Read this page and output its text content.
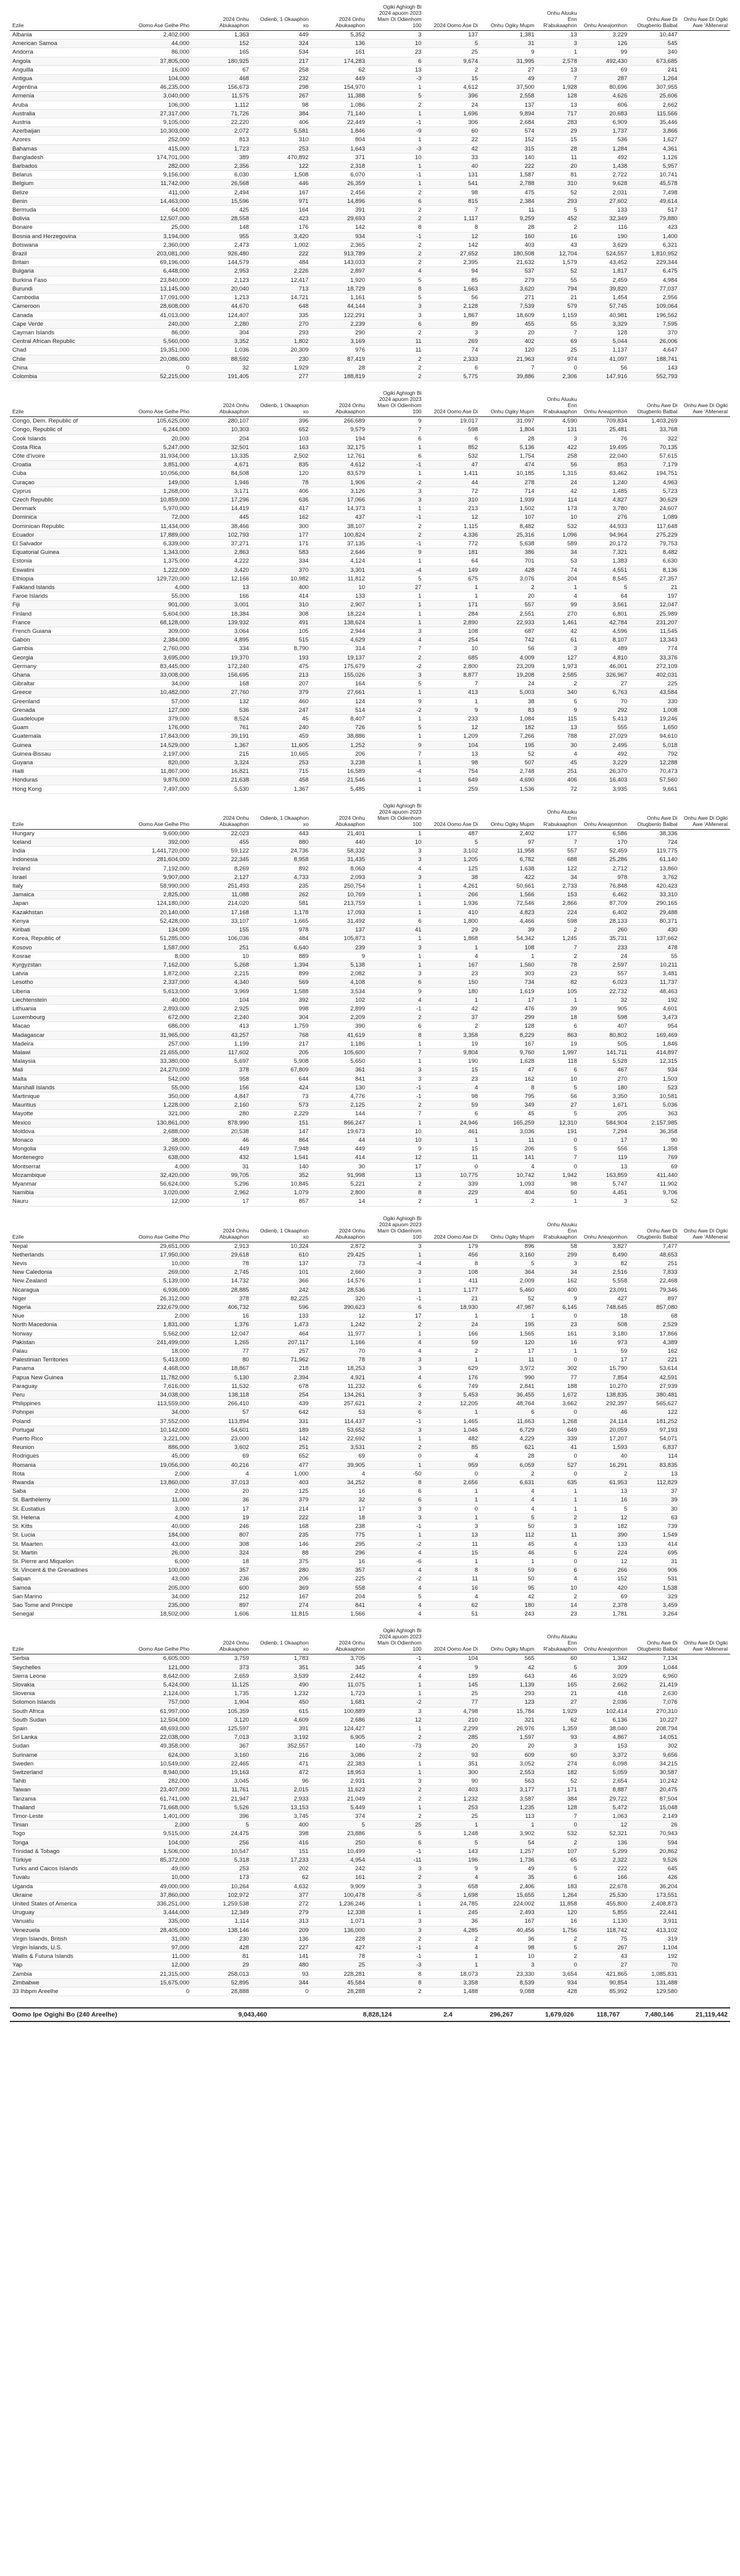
Ezile	Oomo Ase Gelhe Pho	2024 Onhu Abukaaphon	Odienb, 1 Okaaphon xo	2024 Onhu Abukaaphon	Ogiki Aghiogh Bi 2024 apuom 2023 Mam Oi Odienhom 100	2024 Oomo Ase Di	Onhu Ogiky Mupm	Onhu Aluuku Enn R'abukaaphon	Onhu Aneajomhon	Onhu Awe Di Otugbenlo Balbal	Onhu Awe Di Ogiki Awe 'AMeneral
Albania	2,402,000	1,363	449	5,352	3	137	1,381	13	3,229	10,447	
American Samoa	44,000	152	324	136	10	5	31	3	126	545	
Andorra	86,000	165	534	161	23	25	9	1	99	340	
Angola	37,805,000	180,925	217	174,283	6	9,674	31,995	2,578	492,430	673,685	
Anguilla	16,000	67	258	62	13	2	27	13	69	241	
Antigua	104,000	468	232	449	-3	15	49	7	287	1,264	
Argentina	46,235,000	156,673	298	154,970	1	4,612	37,500	1,928	80,696	307,955	
Armenia	3,040,000	11,575	267	11,388	5	396	2,558	128	4,626	25,606	
Aruba	106,000	1,112	98	1,086	2	24	137	13	606	2,662	
Australia	27,317,000	71,726	384	71,140	1	1,696	9,894	717	20,683	115,566	
Austria	9,105,000	22,220	406	22,449	-1	306	2,684	283	6,909	35,446	
Azerbaijan	10,303,000	2,072	5,581	1,846	-9	60	574	29	1,737	3,866	
Azores	252,000	813	310	804	1	22	152	15	536	1,627	
Bahamas	415,000	1,723	253	1,643	-3	42	315	28	1,284	4,361	
Bangladesh	174,701,000	389	470,892	371	10	33	140	11	492	1,126	
Barbados	282,000	2,356	122	2,318	1	40	222	20	1,438	5,957	
Belarus	9,156,000	6,030	1,508	6,070	-1	131	1,587	81	2,722	10,741	
Belgium	11,742,000	26,568	446	26,359	1	541	2,788	310	9,628	45,578	
Belize	411,000	2,494	167	2,456	2	98	475	52	2,031	7,498	
Benin	14,463,000	15,596	971	14,896	6	815	2,384	293	27,602	49,614	
Bermuda	64,000	425	164	391	2	7	11	5	133	517	
Bolivia	12,507,000	28,558	423	29,693	2	1,117	9,259	452	32,349	79,880	
Bonaire	25,000	148	176	142	8	8	28	2	116	423	
Bosnia and Herzegovina	3,194,000	955	3,420	934	-1	12	160	16	190	1,400	
Botswana	2,360,000	2,473	1,002	2,365	2	142	403	43	3,629	6,321	
Brazil	203,081,000	926,480	222	913,789	2	27,652	180,508	12,704	524,557	1,810,952	
Britain	69,196,000	144,579	484	143,033	2	2,395	21,632	1,579	43,452	229,344	
Bulgaria	6,448,000	2,953	2,226	2,897	4	94	537	52	1,817	6,475	
Burkina Faso	23,840,000	2,123	12,417	1,920	5	85	279	55	2,459	4,984	
Burundi	13,145,000	20,040	713	18,729	8	1,663	3,620	794	39,820	77,037	
Cambodia	17,091,000	1,213	14,721	1,161	5	56	271	21	1,454	2,956	
Cameroon	28,608,000	44,670	648	44,144	3	2,128	7,539	579	57,745	109,064	
Canada	41,013,000	124,407	335	122,291	3	1,867	18,609	1,159	40,981	196,562	
Cape Verde	240,000	2,280	270	2,239	6	89	455	55	3,329	7,595	
Cayman Islands	86,000	304	293	290	2	3	20	7	128	370	
Central African Republic	5,560,000	3,352	1,802	3,169	11	269	402	69	5,044	26,006	
Chad	19,351,000	1,036	20,309	976	11	74	120	25	1,137	4,647	
Chile	20,086,000	88,592	230	87,419	2	2,333	21,963	974	41,097	188,741	
China	0	32	1,929	28	2	6	7	0	56	143	
Colombia	52,215,000	191,405	277	188,819	2	5,775	39,886	2,306	147,916	552,793	
Ezile	Oomo Ase Gelhe Pho	2024 Onhu Abukaaphon	Odienb, 1 Okaaphon xo	2024 Onhu Abukaaphon	Ogiki Aghiogh Bi 2024 apuom 2023 Mam Oi Odienhom 100	2024 Oomo Ase Di	Onhu Ogiky Mupm	Onhu Aluuku Enn R'abukaaphon	Onhu Aneajomhon	Onhu Awe Di Otugbenlo Balbal	Onhu Awe Di Ogiki Awe 'AMeneral
Congo, Dem. Republic of	105,625,000	280,107	396	266,689	9	19,017	31,097	4,590	709,834	1,403,269	
Congo, Republic of	6,244,000	10,303	652	9,579	7	598	1,804	131	25,481	33,768	
Cook Islands	20,000	204	103	194	6	6	28	3	76	322	
Costa Rica	5,247,000	32,501	163	32,175	1	852	5,136	422	19,495	70,135	
Côte d'Ivoire	31,934,000	13,335	2,502	12,761	6	532	1,754	258	22,040	57,615	
Croatia	3,851,000	4,671	835	4,612	-1	47	474	56	853	7,179	
Cuba	10,056,000	84,508	120	83,579	1	1,411	10,185	1,315	83,462	194,751	
Curaçao	149,000	1,946	78	1,906	-2	44	278	24	1,240	4,963	
Cyprus	1,268,000	3,171	406	3,126	3	72	714	42	1,485	5,723	
Czech Republic	10,859,000	17,296	636	17,066	3	310	1,939	114	4,827	30,629	
Denmark	5,970,000	14,419	417	14,373	1	213	1,502	173	3,780	24,607	
Dominica	72,000	445	162	437	-1	12	107	10	276	1,089	
Dominican Republic	11,434,000	38,466	300	38,107	2	1,115	8,482	532	44,933	117,648	
Ecuador	17,889,000	102,793	177	100,824	2	4,336	25,316	1,096	94,964	275,229	
El Salvador	6,339,000	37,271	171	37,135	-1	772	5,638	589	20,172	79,753	
Equatorial Guinea	1,343,000	2,863	583	2,646	9	181	386	34	7,321	8,482	
Estonia	1,375,000	4,222	334	4,124	1	64	701	53	1,383	6,630	
Eswatini	1,222,000	3,420	370	3,301	-4	149	428	74	4,551	8,136	
Ethiopia	129,720,000	12,166	10,982	11,812	5	675	3,076	204	8,545	27,357	
Falkland Islands	4,000	13	400	10	27	1	2	1	5	21	
Faroe Islands	55,000	166	414	133	1	1	20	4	64	197	
Fiji	901,000	3,001	310	2,907	1	171	557	99	3,561	12,047	
Finland	5,604,000	18,384	308	18,224	1	284	2,551	270	6,801	25,989	
France	68,128,000	139,932	491	138,624	1	2,890	22,933	1,461	42,784	231,207	
French Guiana	309,000	3,064	105	2,944	3	108	687	42	4,596	11,545	
Gabon	2,384,000	4,895	515	4,629	4	254	742	61	8,107	13,343	
Gambia	2,760,000	334	8,790	314	7	10	56	3	489	774	
Georgia	3,695,000	19,370	193	19,137	2	685	4,009	127	4,810	33,376	
Germany	83,445,000	172,240	475	175,679	-2	2,800	23,209	1,973	46,001	272,109	
Ghana	33,008,000	156,695	213	155,026	3	8,877	19,208	2,585	326,967	402,031	
Gibraltar	34,000	168	207	164	5	7	24	2	27	225	
Greece	10,482,000	27,760	379	27,661	1	413	5,003	340	6,763	43,584	
Greenland	57,000	132	460	124	9	1	38	5	70	330	
Grenada	127,000	536	247	514	-2	9	83	9	292	1,008	
Guadeloupe	379,000	8,524	45	8,407	1	233	1,084	115	5,413	19,246	
Guam	176,000	761	240	726	5	12	182	13	555	1,650	
Guatemala	17,843,000	39,191	459	38,886	1	1,209	7,266	788	27,029	94,610	
Guinea	14,529,000	1,367	11,605	1,252	9	104	195	30	2,495	5,018	
Guinea-Bissau	2,197,000	215	10,665	206	7	13	52	4	492	792	
Guyana	820,000	3,324	253	3,238	1	98	507	45	3,229	12,288	
Haiti	11,867,000	16,821	715	16,589	-4	754	2,748	251	26,370	70,473	
Honduras	9,876,000	21,638	458	21,546	1	649	4,690	406	16,403	57,560	
Hong Kong	7,497,000	5,530	1,367	5,485	1	259	1,536	72	3,935	9,661	
Ezile	Oomo Ase Gelhe Pho	2024 Onhu Abukaaphon	Odienb, 1 Okaaphon xo	2024 Onhu Abukaaphon	Ogiki Aghiogh Bi 2024 apuom 2023 Mam Oi Odienhom 100	2024 Oomo Ase Di	Onhu Ogiky Mupm	Onhu Aluuku Enn R'abukaaphon	Onhu Aneajomhon	Onhu Awe Di Otugbenlo Balbal	Onhu Awe Di Ogiki Awe 'AMeneral
Hungary	9,600,000	22,023	443	21,401	1	487	2,402	177	6,586	38,336	
Iceland	392,000	455	880	440	10	5	97	7	170	724	
India	1,441,720,000	59,122	24,736	58,332	3	3,102	11,958	557	52,459	119,775	
Indonesia	281,604,000	22,345	8,958	31,435	3	1,205	6,782	688	25,286	61,140	
Ireland	7,192,000	8,269	892	8,063	4	125	1,638	122	2,712	13,860	
Israel	9,907,000	2,127	4,733	2,093	3	38	422	34	978	3,762	
Italy	58,990,000	251,493	235	250,754	1	4,261	50,661	2,733	76,848	420,423	
Jamaica	2,825,000	11,088	262	10,769	1	266	1,566	153	6,462	33,310	
Japan	124,180,000	214,020	581	213,759	1	1,936	72,546	2,866	87,709	290,165	
Kazakhstan	20,140,000	17,168	1,178	17,093	1	410	4,823	224	6,402	29,488	
Kenya	52,428,000	33,107	1,665	31,492	6	1,800	4,466	598	28,133	80,371	
Kiribati	134,000	155	978	137	41	29	39	2	260	430	
Korea, Republic of	51,285,000	106,036	484	105,873	1	1,868	54,342	1,245	35,731	137,662	
Kosovo	1,587,000	251	6,640	239	3	1	108	7	233	478	
Kosrae	8,000	10	889	9	1	4	1	2	24	55	
Kyrgyzstan	7,162,000	5,268	1,394	5,138	1	167	1,560	78	2,597	10,211	
Latvia	1,872,000	2,215	899	2,082	3	23	303	23	557	3,481	
Lesotho	2,337,000	4,340	569	4,108	6	150	734	82	6,023	11,737	
Liberia	5,613,000	3,969	1,588	3,534	9	180	1,619	105	22,732	48,463	
Liechtenstein	40,000	104	392	102	4	1	17	1	32	192	
Lithuania	2,893,000	2,925	998	2,899	-1	42	476	39	905	4,601	
Luxembourg	672,000	2,240	304	2,209	2	37	299	18	598	3,473	
Macao	686,000	413	1,759	390	6	2	128	6	407	954	
Madagascar	31,965,000	43,257	768	41,619	8	3,358	8,229	863	80,802	169,469	
Madeira	257,000	1,199	217	1,186	1	19	167	19	505	1,846	
Malawi	21,655,000	117,602	205	105,600	7	9,804	9,760	1,997	141,711	414,897	
Malaysia	33,380,000	5,697	5,908	5,650	1	190	1,628	118	5,528	12,315	
Mali	24,270,000	378	67,809	361	3	15	47	6	467	934	
Malta	542,000	958	644	841	3	23	162	10	270	1,503	
Marshall Islands	55,000	156	424	130	-1	4	8	5	180	523	
Martinique	350,000	4,847	73	4,776	-1	98	795	56	3,350	10,581	
Mauritius	1,228,000	2,160	573	2,125	2	59	349	27	1,671	5,036	
Mayotte	321,000	280	2,229	144	7	6	45	5	205	363	
Mexico	130,861,000	878,990	151	866,247	1	24,946	165,259	12,310	584,904	2,157,985	
Moldova	2,688,000	20,538	147	19,673	10	461	3,036	191	7,294	36,358	
Monaco	38,000	46	864	44	10	1	11	0	17	90	
Mongolia	3,269,000	449	7,948	449	9	15	206	5	556	1,358	
Montenegro	638,000	432	1,541	414	12	11	141	7	119	769	
Montserrat	4,000	31	140	30	17	0	4	0	13	69	
Mozambique	32,420,000	99,705	352	91,998	13	10,775	10,742	1,942	163,859	411,440	
Myanmar	56,624,000	5,296	10,845	5,221	2	339	1,093	98	5,747	11,902	
Namibia	3,020,000	2,962	1,079	2,800	8	229	404	50	4,451	9,706	
Nauru	12,000	17	857	14	2	1	2	1	3	52	
Ezile	Oomo Ase Gelhe Pho	2024 Onhu Abukaaphon	Odienb, 1 Okaaphon xo	2024 Onhu Abukaaphon	Ogiki Aghiogh Bi 2024 apuom 2023 Mam Oi Odienhom 100	2024 Oomo Ase Di	Onhu Ogiky Mupm	Onhu Aluuku Enn R'abukaaphon	Onhu Aneajomhon	Onhu Awe Di Otugbenlo Balbal	Onhu Awe Di Ogiki Awe 'AMeneral
Nepal	29,651,000	2,913	10,324	2,872	3	179	896	58	3,827	7,477	
Netherlands	17,950,000	29,618	610	29,425	1	456	3,160	299	8,490	48,653	
Nevis	10,000	78	137	73	-4	8	5	3	82	251	
New Caledonia	269,000	2,745	101	2,660	3	108	364	34	2,516	7,833	
New Zealand	5,139,000	14,732	366	14,576	1	411	2,009	162	5,558	22,468	
Nicaragua	6,936,000	28,885	242	28,536	1	1,177	5,460	400	23,091	79,346	
Niger	26,312,000	378	82,225	320	-1	21	52	9	427	897	
Nigeria	232,679,000	406,732	596	390,623	6	18,930	47,987	6,145	748,645	857,080	
Niue	2,000	16	133	12	17	1	1	0	18	68	
North Macedonia	1,831,000	1,376	1,473	1,242	2	24	195	23	508	2,529	
Norway	5,562,000	12,047	464	11,977	1	166	1,565	161	3,180	17,866	
Pakistan	241,499,000	1,265	207,117	1,166	4	59	120	16	973	4,389	
Palau	18,000	77	257	70	4	2	17	1	59	162	
Palestinian Territories	5,413,000	80	71,962	78	3	1	11	0	17	221	
Panama	4,468,000	18,867	218	18,253	3	629	3,972	302	15,790	53,614	
Papua New Guinea	11,782,000	5,130	2,394	4,921	4	176	990	77	7,854	42,591	
Paraguay	7,616,000	11,532	678	11,232	6	749	2,841	188	10,270	27,939	
Peru	34,038,000	138,118	254	134,261	3	5,453	36,455	1,672	138,835	380,481	
Philippines	113,559,000	266,410	439	257,621	2	12,205	48,764	3,662	292,397	565,627	
Pohnpei	34,000	57	642	53	6	1	6	0	46	122	
Poland	37,552,000	113,894	331	114,437	-1	1,465	11,663	1,268	24,114	181,252	
Portugal	10,142,000	54,601	189	53,652	3	1,046	6,729	649	20,059	97,193	
Puerto Rico	3,221,000	23,000	142	22,692	1	482	4,229	339	17,207	54,071	
Reunion	886,000	3,602	251	3,531	2	85	621	41	1,593	6,837	
Rodrigues	45,000	69	652	69	0	4	28	0	40	114	
Romania	19,056,000	40,216	477	39,905	1	959	6,059	527	16,291	83,835	
Rota	2,000	4	1,000	4	-50	0	2	0	2	13	
Rwanda	13,860,000	37,013	403	34,252	8	2,656	6,631	635	61,953	112,829	
Saba	2,000	20	125	16	6	1	4	1	13	37	
St. Barthélemy	11,000	36	379	32	6	1	4	1	16	39	
St. Eustatius	3,000	17	214	17	3	0	4	1	5	30	
St. Helena	4,000	19	222	18	3	1	5	2	12	63	
St. Kitts	40,000	246	168	238	-1	3	50	3	182	739	
St. Lucia	184,000	807	235	775	1	13	112	11	390	1,549	
St. Maarten	43,000	308	146	295	-2	11	45	4	133	414	
St. Martin	26,000	324	88	296	4	15	46	5	224	695	
St. Pierre and Miquelon	6,000	18	375	16	-6	1	1	0	12	31	
St. Vincent & the Grenadines	100,000	357	280	357	4	8	59	6	266	906	
Saipan	43,000	236	206	225	-2	11	50	4	152	531	
Samoa	205,000	600	369	558	4	16	95	10	420	1,538	
San Marino	34,000	212	167	204	5	4	42	2	69	329	
Sao Tome and Principe	235,000	897	274	841	4	62	180	14	2,378	3,459	
Senegal	18,502,000	1,606	11,815	1,566	4	51	243	23	1,781	3,264	
Ezile	Oomo Ase Gelhe Pho	2024 Onhu Abukaaphon	Odienb, 1 Okaaphon xo	2024 Onhu Abukaaphon	Ogiki Aghiogh Bi 2024 apuom 2023 Mam Oi Odienhom 100	2024 Oomo Ase Di	Onhu Ogiky Mupm	Onhu Aluuku Enn R'abukaaphon	Onhu Aneajomhon	Onhu Awe Di Otugbenlo Balbal	Onhu Awe Di Ogiki Awe 'AMeneral
Serbia	6,605,000	3,759	1,783	3,705	-1	104	565	60	1,342	7,134	
Seychelles	121,000	373	351	345	4	9	42	5	309	1,044	
Sierra Leone	8,642,000	2,659	3,539	2,442	4	189	643	46	3,029	6,960	
Slovakia	5,424,000	11,125	490	11,075	1	145	1,139	165	2,662	21,419	
Slovenia	2,124,000	1,735	1,232	1,723	1	25	293	21	418	2,630	
Solomon Islands	757,000	1,904	450	1,681	-2	77	123	27	2,036	7,076	
South Africa	61,997,000	105,359	615	100,889	3	4,798	15,784	1,929	102,414	270,310	
South Sudan	12,504,000	3,120	4,609	2,686	12	210	321	62	6,136	10,227	
Spain	48,693,000	125,597	391	124,427	1	2,299	26,976	1,359	38,040	208,794	
Sri Lanka	22,038,000	7,013	3,192	6,905	2	285	1,597	93	4,867	14,051	
Sudan	49,358,000	367	352,557	140	-73	20	20	3	153	302	
Suriname	624,000	3,160	216	3,086	2	93	609	60	3,372	9,656	
Sweden	10,549,000	22,465	471	22,383	1	351	3,052	274	6,098	34,215	
Switzerland	8,940,000	19,163	472	18,953	1	300	2,553	182	5,059	30,587	
Tahiti	282,000	3,045	96	2,931	3	90	563	52	2,654	10,242	
Taiwan	23,407,000	11,761	2,015	11,623	2	403	3,177	171	8,887	20,475	
Tanzania	61,741,000	21,947	2,933	21,049	2	1,232	3,587	384	29,722	87,504	
Thailand	71,668,000	5,526	13,153	5,449	1	253	1,235	128	5,472	15,048	
Timor-Leste	1,401,000	396	3,745	374	2	25	113	7	1,063	2,149	
Tinian	2,000	5	400	5	25	1	1	0	12	26	
Togo	9,515,000	24,475	398	23,886	5	1,248	3,902	532	52,321	70,943	
Tonga	104,000	256	416	250	6	5	54	2	136	594	
Trinidad & Tobago	1,506,000	10,547	151	10,499	-1	143	1,257	107	5,299	20,862	
Türkiye	85,372,000	5,318	17,233	4,954	-11	196	1,736	65	2,322	9,526	
Turks and Caicos Islands	49,000	253	202	242	3	9	49	5	222	645	
Tuvalu	10,000	173	62	161	2	4	35	6	166	426	
Uganda	49,000,000	10,264	4,632	9,909	3	658	2,406	183	22,678	36,204	
Ukraine	37,860,000	102,972	377	100,478	-5	1,698	15,655	1,264	25,530	173,551	
United States of America	336,251,000	1,259,538	272	1,236,246	1	24,785	224,002	11,858	455,800	2,408,873	
Uruguay	3,444,000	12,349	279	12,338	1	245	2,493	120	5,855	22,441	
Vanuatu	335,000	1,114	313	1,071	3	36	167	16	1,130	3,911	
Venezuela	28,405,000	138,146	209	136,000	3	4,285	40,456	1,756	118,742	413,102	
Virgin Islands, British	31,000	230	136	228	2	2	36	2	75	319	
Virgin Islands, U.S.	97,000	428	227	427	-1	4	98	5	267	1,104	
Wallis & Futuna Islands	11,000	81	141	78	-1	1	10	2	43	192	
Yap	12,000	29	480	25	-3	1	3	0	27	70	
Zambia	21,315,000	258,013	93	228,281	8	18,073	23,330	3,654	421,865	1,085,831	
Zimbabwe	15,675,000	52,895	344	45,584	8	3,358	8,539	934	90,854	131,488	
33 Ihbpm Areelhe	0	28,888	0	28,288	2	1,488	9,088	428	85,992	129,580	
Oomo Ipe Ogighi Bo (240 Areelhe)		9,043,460		8,828,124	2.4	296,267	1,679,026	118,767	7,480,146	21,119,442
